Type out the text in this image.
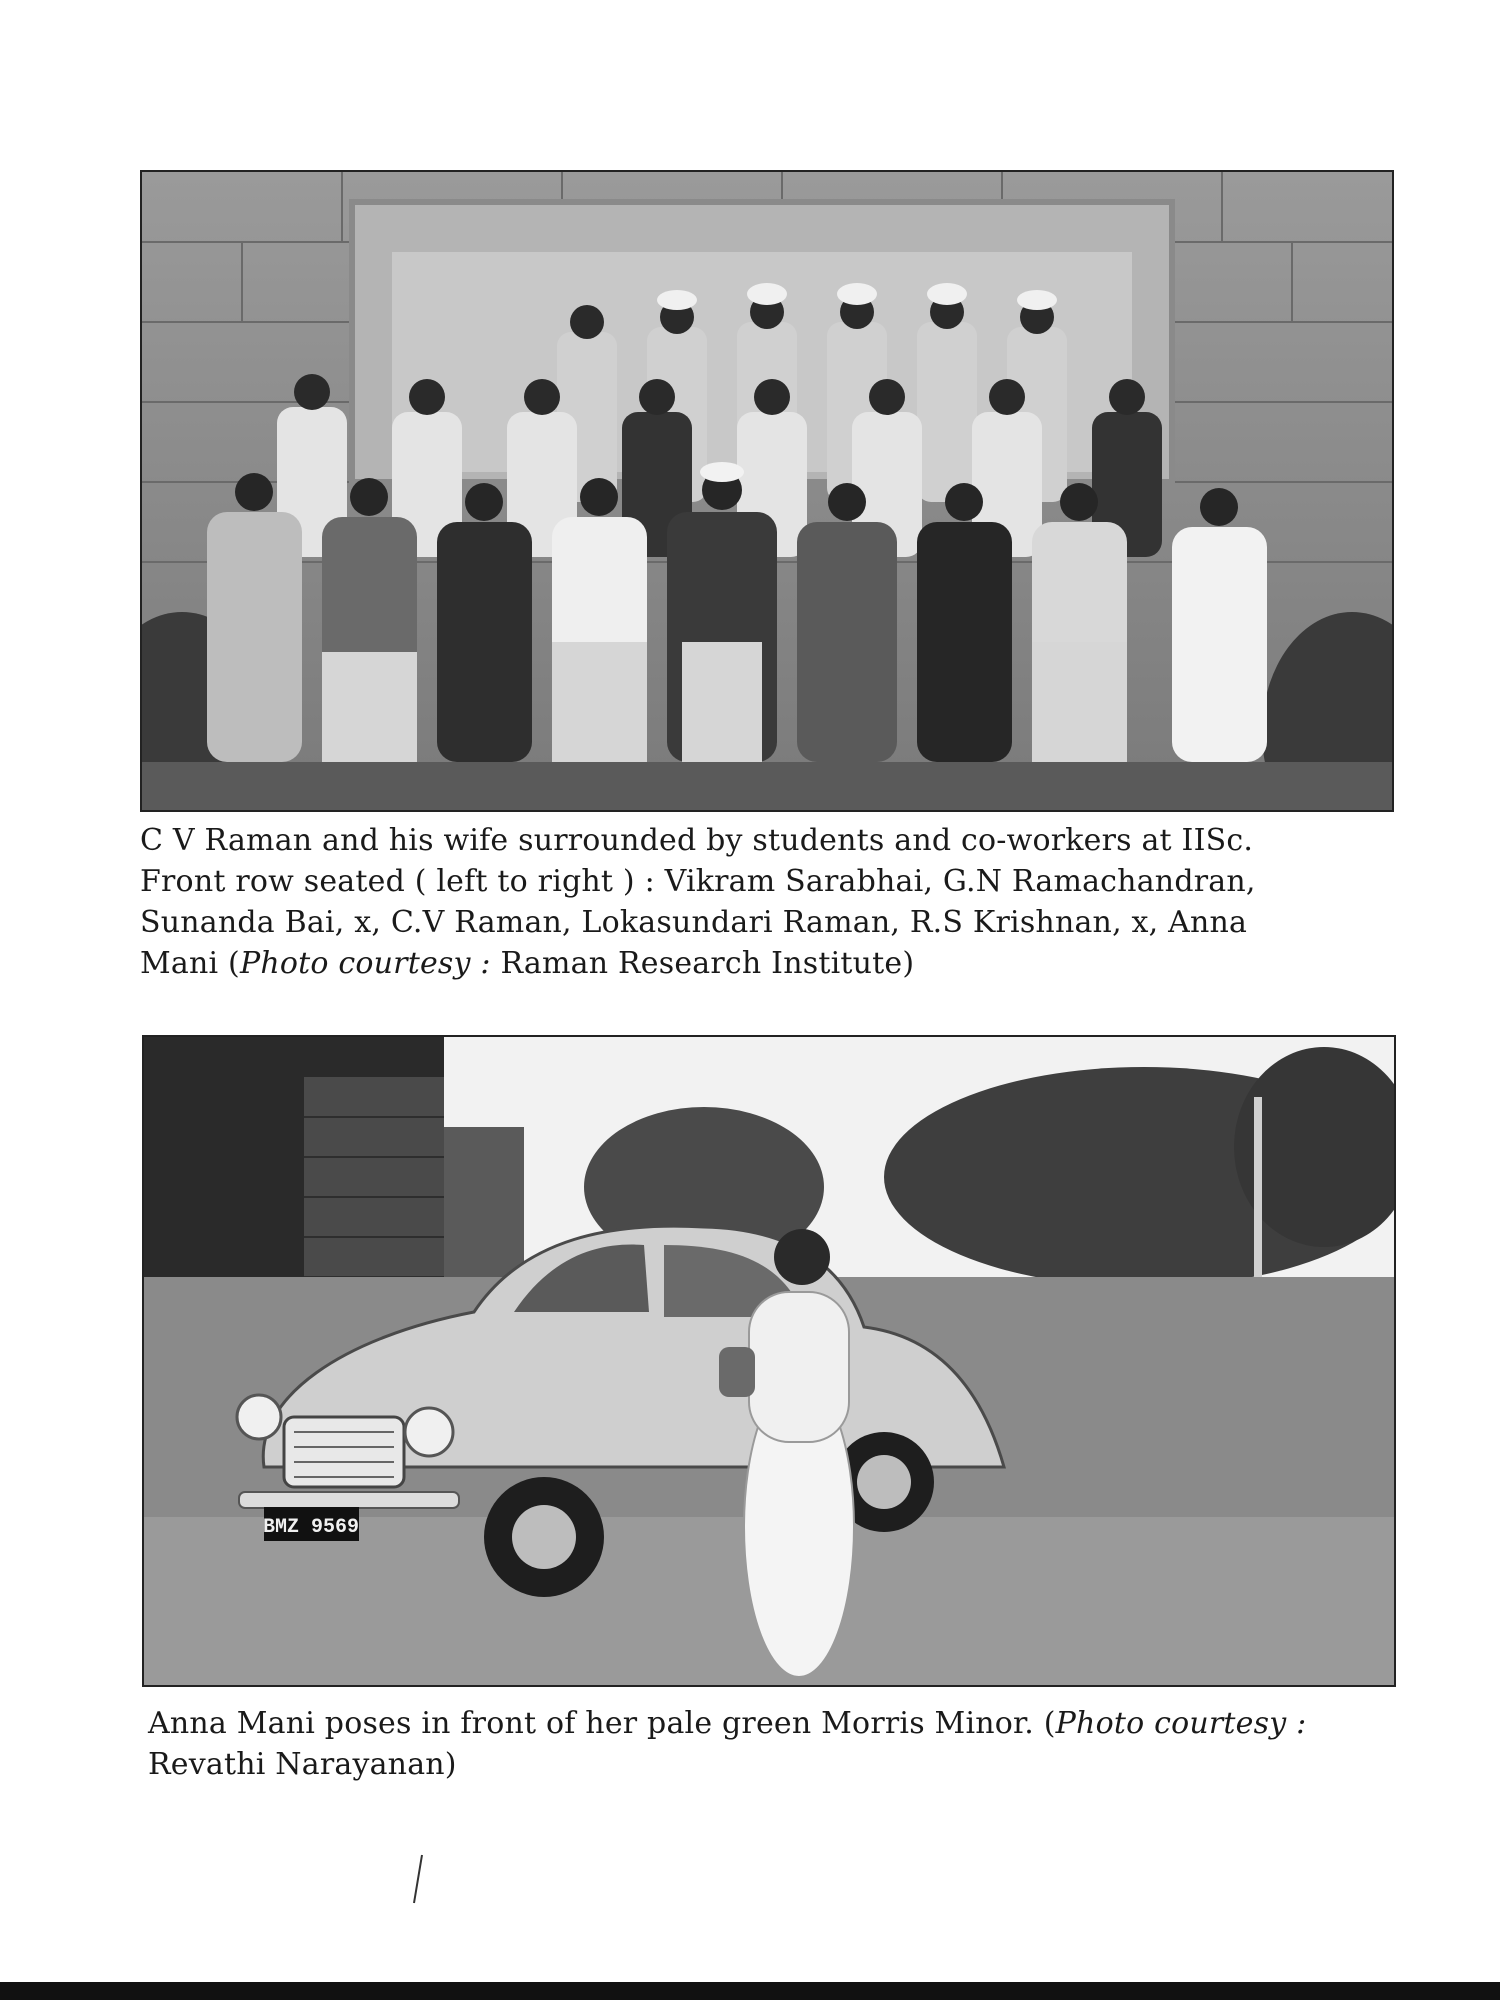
C V Raman and his wife surrounded by students and co-workers at IISc.
Front row seated ( left to right ) : Vikram Sarabhai, G.N Ramachandran,
Sunanda Bai, x, C.V Raman, Lokasundari Raman, R.S Krishnan, x, Anna
Mani (Photo courtesy : Raman Research Institute)
BMZ 9569
Anna Mani poses in front of her pale green Morris Minor. (Photo courtesy :
Revathi Narayanan)
